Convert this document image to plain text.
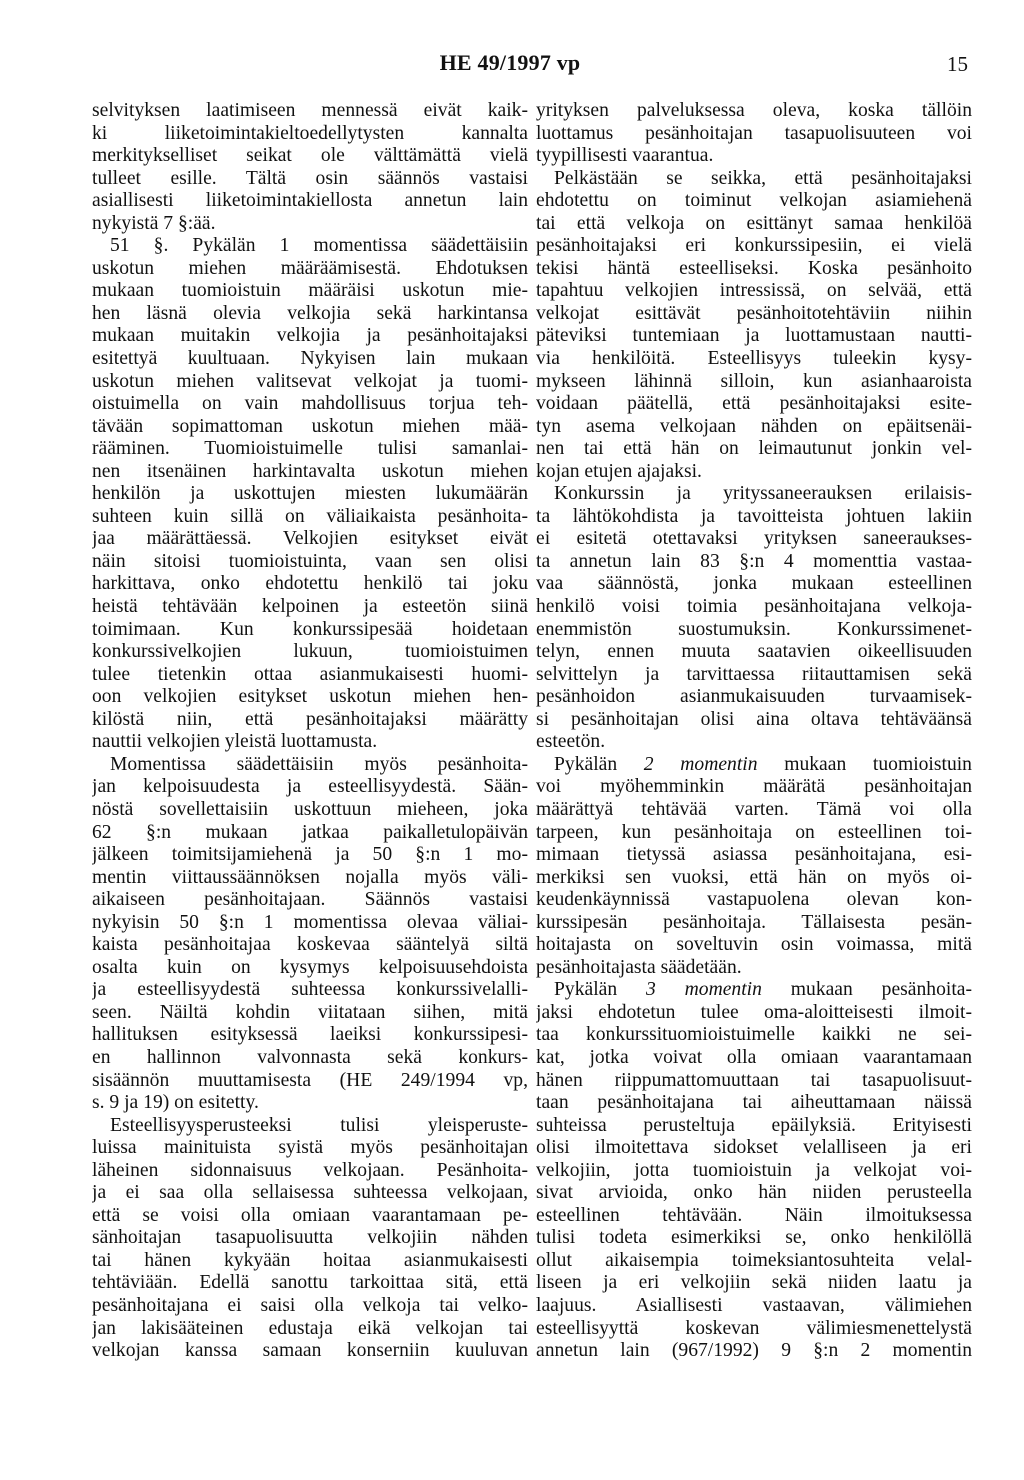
HE 49/1997 vp	15
selvityksen laatimiseen mennessä eivät kaik-
ki liiketoimintakieltoedellytysten kannalta
merkitykselliset seikat ole välttämättä vielä
tulleet esille. Tältä osin säännös vastaisi
asiallisesti liiketoimintakiellosta annetun lain
nykyistä 7 §:ää.
51 §. Pykälän 1 momentissa säädettäisiin
uskotun miehen määräämisestä. Ehdotuksen
mukaan tuomioistuin määräisi uskotun mie-
hen läsnä olevia velkojia sekä harkintansa
mukaan muitakin velkojia ja pesänhoitajaksi
esitettyä kuultuaan. Nykyisen lain mukaan
uskotun miehen valitsevat velkojat ja tuomi-
oistuimella on vain mahdollisuus torjua teh-
tävään sopimattoman uskotun miehen mää-
rääminen. Tuomioistuimelle tulisi samanlai-
nen itsenäinen harkintavalta uskotun miehen
henkilön ja uskottujen miesten lukumäärän
suhteen kuin sillä on väliaikaista pesänhoita-
jaa määrättäessä. Velkojien esitykset eivät
näin sitoisi tuomioistuinta, vaan sen olisi
harkittava, onko ehdotettu henkilö tai joku
heistä tehtävään kelpoinen ja esteetön siinä
toimimaan. Kun konkurssipesää hoidetaan
konkurssivelkojien lukuun, tuomioistuimen
tulee tietenkin ottaa asianmukaisesti huomi-
oon velkojien esitykset uskotun miehen hen-
kilöstä niin, että pesänhoitajaksi määrätty
nauttii velkojien yleistä luottamusta.
Momentissa säädettäisiin myös pesänhoita-
jan kelpoisuudesta ja esteellisyydestä. Sään-
nöstä sovellettaisiin uskottuun mieheen, joka
62 §:n mukaan jatkaa paikalletulopäivän
jälkeen toimitsijamiehenä ja 50 §:n 1 mo-
mentin viittaussäännöksen nojalla myös väli-
aikaiseen pesänhoitajaan. Säännös vastaisi
nykyisin 50 §:n 1 momentissa olevaa väliai-
kaista pesänhoitajaa koskevaa sääntelyä siltä
osalta kuin on kysymys kelpoisuusehdoista
ja esteellisyydestä suhteessa konkurssivelalli-
seen. Näiltä kohdin viitataan siihen, mitä
hallituksen esityksessä laeiksi konkurssipesi-
en hallinnon valvonnasta sekä konkurs-
sisäännön muuttamisesta (HE 249/1994 vp,
s. 9 ja 19) on esitetty.
Esteellisyysperusteeksi tulisi yleisperuste-
luissa mainituista syistä myös pesänhoitajan
läheinen sidonnaisuus velkojaan. Pesänhoita-
ja ei saa olla sellaisessa suhteessa velkojaan,
että se voisi olla omiaan vaarantamaan pe-
sänhoitajan tasapuolisuutta velkojiin nähden
tai hänen kykyään hoitaa asianmukaisesti
tehtäviään. Edellä sanottu tarkoittaa sitä, että
pesänhoitajana ei saisi olla velkoja tai velko-
jan lakisääteinen edustaja eikä velkojan tai
velkojan kanssa samaan konserniin kuuluvan
yrityksen palveluksessa oleva, koska tällöin
luottamus pesänhoitajan tasapuolisuuteen voi
tyypillisesti vaarantua.
Pelkästään se seikka, että pesänhoitajaksi
ehdotettu on toiminut velkojan asiamiehenä
tai että velkoja on esittänyt samaa henkilöä
pesänhoitajaksi eri konkurssipesiin, ei vielä
tekisi häntä esteelliseksi. Koska pesänhoito
tapahtuu velkojien intressissä, on selvää, että
velkojat esittävät pesänhoitotehtäviin niihin
päteviksi tuntemiaan ja luottamustaan nautti-
via henkilöitä. Esteellisyys tuleekin kysy-
mykseen lähinnä silloin, kun asianhaaroista
voidaan päätellä, että pesänhoitajaksi esite-
tyn asema velkojaan nähden on epäitsenäi-
nen tai että hän on leimautunut jonkin vel-
kojan etujen ajajaksi.
Konkurssin ja yrityssaneerauksen erilaisis-
ta lähtökohdista ja tavoitteista johtuen lakiin
ei esitetä otettavaksi yrityksen saneeraukses-
ta annetun lain 83 §:n 4 momenttia vastaa-
vaa säännöstä, jonka mukaan esteellinen
henkilö voisi toimia pesänhoitajana velkoja-
enemmistön suostumuksin. Konkurssimenet-
telyn, ennen muuta saatavien oikeellisuuden
selvittelyn ja tarvittaessa riitauttamisen sekä
pesänhoidon asianmukaisuuden turvaamisek-
si pesänhoitajan olisi aina oltava tehtäväänsä
esteetön.
Pykälän 2 momentin mukaan tuomioistuin
voi myöhemminkin määrätä pesänhoitajan
määrättyä tehtävää varten. Tämä voi olla
tarpeen, kun pesänhoitaja on esteellinen toi-
mimaan tietyssä asiassa pesänhoitajana, esi-
merkiksi sen vuoksi, että hän on myös oi-
keudenkäynnissä vastapuolena olevan kon-
kurssipesän pesänhoitaja. Tällaisesta pesän-
hoitajasta on soveltuvin osin voimassa, mitä
pesänhoitajasta säädetään.
Pykälän 3 momentin mukaan pesänhoita-
jaksi ehdotetun tulee oma-aloitteisesti ilmoit-
taa konkurssituomioistuimelle kaikki ne sei-
kat, jotka voivat olla omiaan vaarantamaan
hänen riippumattomuuttaan tai tasapuolisuut-
taan pesänhoitajana tai aiheuttamaan näissä
suhteissa perusteltuja epäilyksiä. Erityisesti
olisi ilmoitettava sidokset velalliseen ja eri
velkojiin, jotta tuomioistuin ja velkojat voi-
sivat arvioida, onko hän niiden perusteella
esteellinen tehtävään. Näin ilmoituksessa
tulisi todeta esimerkiksi se, onko henkilöllä
ollut aikaisempia toimeksiantosuhteita velal-
liseen ja eri velkojiin sekä niiden laatu ja
laajuus. Asiallisesti vastaavan, välimiehen
esteellisyyttä koskevan välimiesmenettelystä
annetun lain (967/1992) 9 §:n 2 momentin
